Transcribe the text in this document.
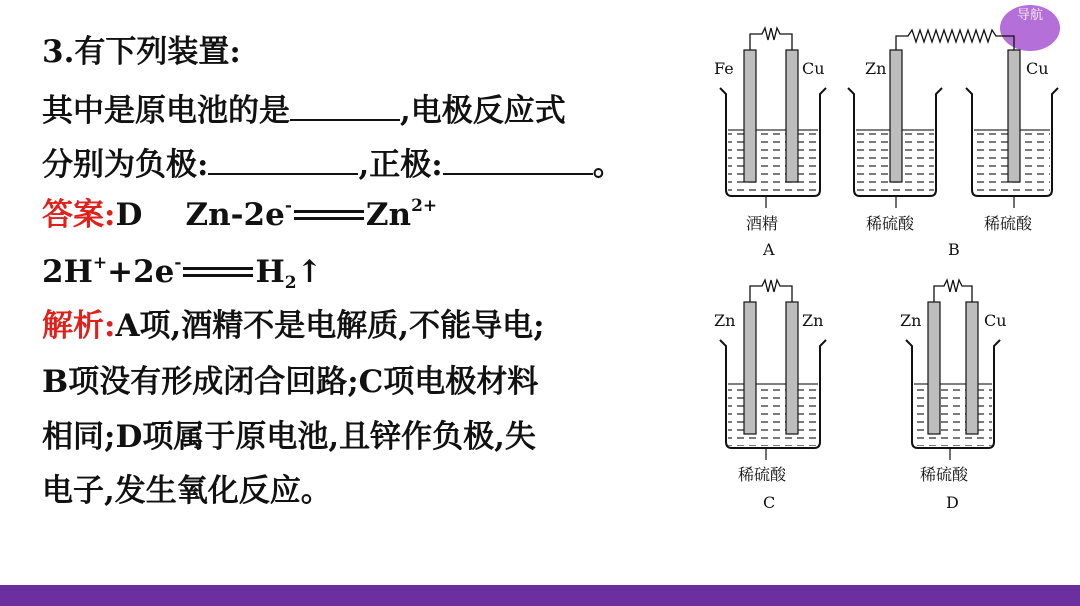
导航
3.有下列装置:
其中是原电池的是	,电极反应式
分别为负极:	,正极:	。
答案:D Zn-2e- $Zn^{2+}$
2H++2e- $H_2↑$
解析:A项,酒精不是电解质,不能导电;
B项没有形成闭合回路;C项电极材料
相同;D项属于原电池,且锌作负极,失
电子,发生氧化反应。
Fe	Cu
酒精
A
Zn	Cu
稀硫酸	稀硫酸
B
Zn	Zn
稀硫酸
C
Zn	Cu
稀硫酸
D
